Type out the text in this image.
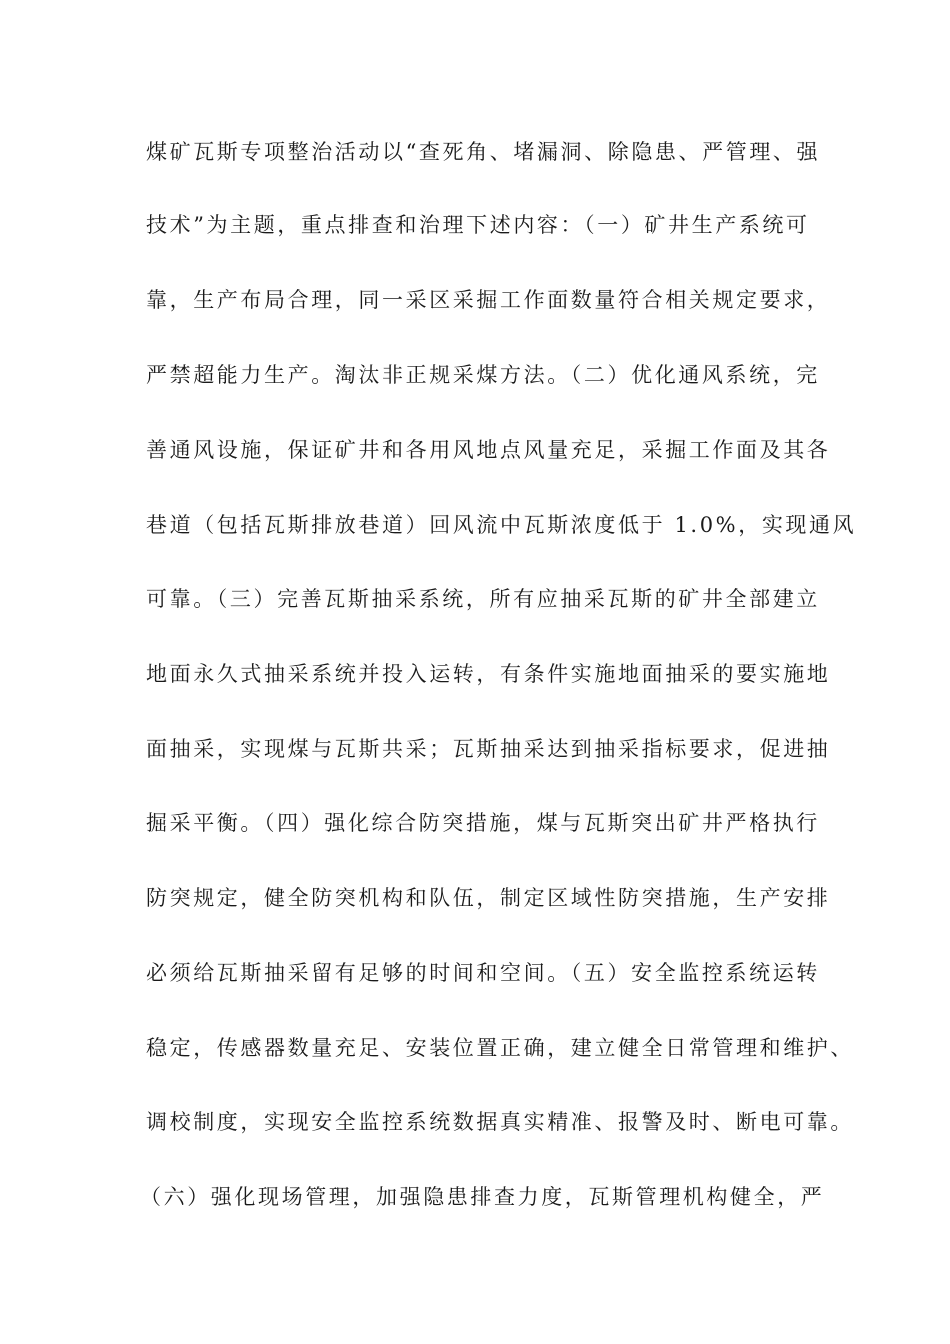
煤矿瓦斯专项整治活动以“查死角、堵漏洞、除隐患、严管理、强
技术”为主题，重点排查和治理下述内容：（一）矿井生产系统可
靠，生产布局合理，同一采区采掘工作面数量符合相关规定要求，
严禁超能力生产。淘汰非正规采煤方法。（二）优化通风系统，完
善通风设施，保证矿井和各用风地点风量充足，采掘工作面及其各
巷道（包括瓦斯排放巷道）回风流中瓦斯浓度低于 1.0%，实现通风
可靠。（三）完善瓦斯抽采系统，所有应抽采瓦斯的矿井全部建立
地面永久式抽采系统并投入运转，有条件实施地面抽采的要实施地
面抽采，实现煤与瓦斯共采；瓦斯抽采达到抽采指标要求，促进抽
掘采平衡。（四）强化综合防突措施，煤与瓦斯突出矿井严格执行
防突规定，健全防突机构和队伍，制定区域性防突措施，生产安排
必须给瓦斯抽采留有足够的时间和空间。（五）安全监控系统运转
稳定，传感器数量充足、安装位置正确，建立健全日常管理和维护、
调校制度，实现安全监控系统数据真实精准、报警及时、断电可靠。
（六）强化现场管理，加强隐患排查力度，瓦斯管理机构健全，严
